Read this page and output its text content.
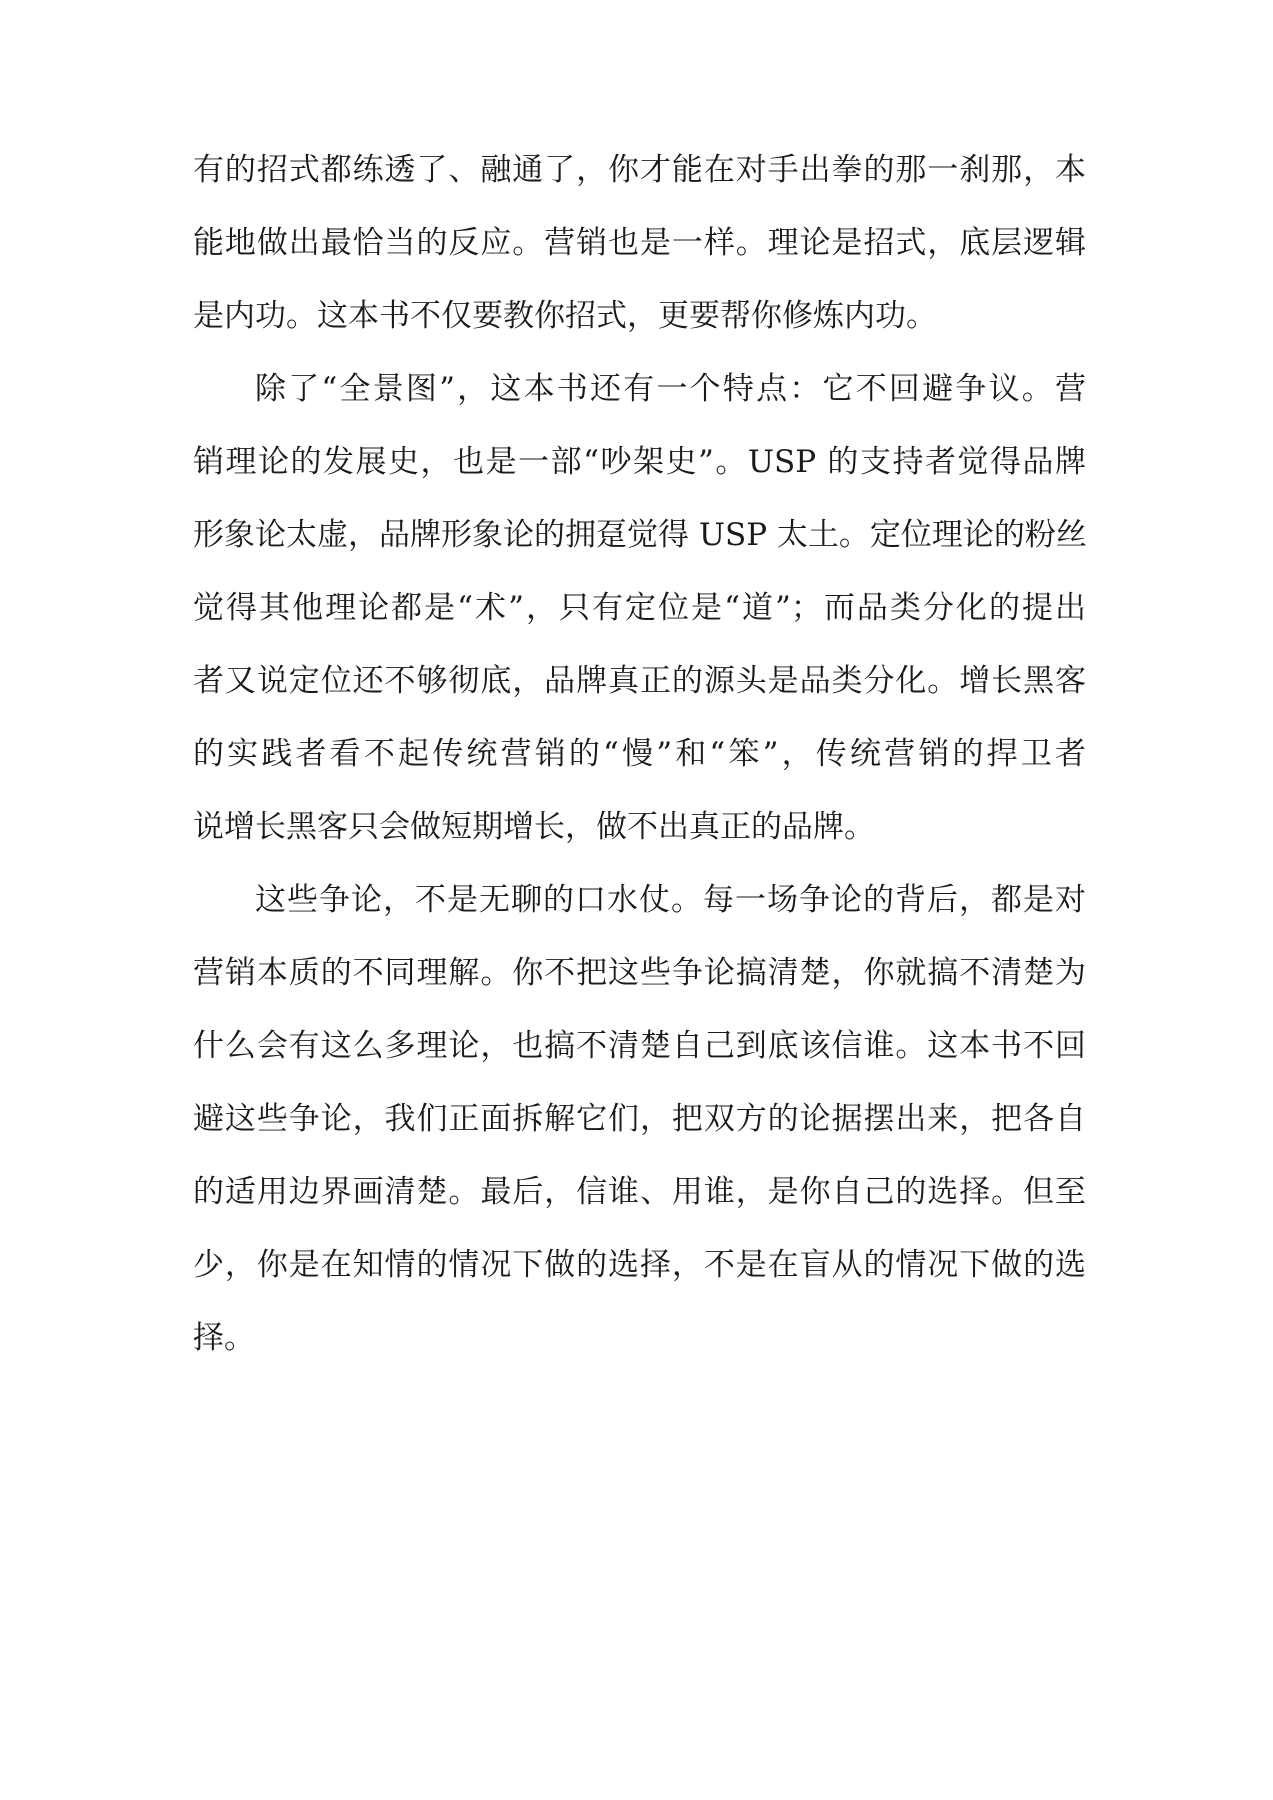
有的招式都练透了、融通了，你才能在对手出拳的那一刹那，本
能地做出最恰当的反应。营销也是一样。理论是招式，底层逻辑
是内功。这本书不仅要教你招式，更要帮你修炼内功。
除了“全景图”，这本书还有一个特点：它不回避争议。营
销理论的发展史，也是一部“吵架史”。USP 的支持者觉得品牌
形象论太虚，品牌形象论的拥趸觉得 USP 太土。定位理论的粉丝
觉得其他理论都是“术”，只有定位是“道”；而品类分化的提出
者又说定位还不够彻底，品牌真正的源头是品类分化。增长黑客
的实践者看不起传统营销的“慢”和“笨”，传统营销的捍卫者
说增长黑客只会做短期增长，做不出真正的品牌。
这些争论，不是无聊的口水仗。每一场争论的背后，都是对
营销本质的不同理解。你不把这些争论搞清楚，你就搞不清楚为
什么会有这么多理论，也搞不清楚自己到底该信谁。这本书不回
避这些争论，我们正面拆解它们，把双方的论据摆出来，把各自
的适用边界画清楚。最后，信谁、用谁，是你自己的选择。但至
少，你是在知情的情况下做的选择，不是在盲从的情况下做的选
择。
